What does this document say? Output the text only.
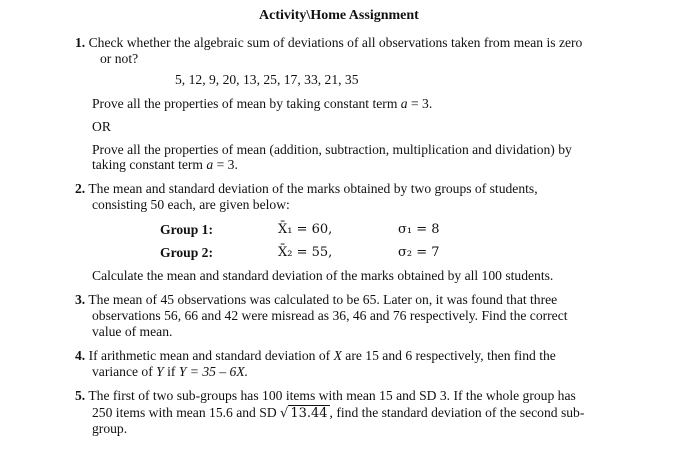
Activity\Home Assignment
1. Check whether the algebraic sum of deviations of all observations taken from mean is zero
or not?
5, 12, 9, 20, 13, 25, 17, 33, 21, 35
Prove all the properties of mean by taking constant term a = 3.
OR
Prove all the properties of mean (addition, subtraction, multiplication and dividation) by
taking constant term a = 3.
2. The mean and standard deviation of the marks obtained by two groups of students,
consisting 50 each, are given below:
Group 1:	X̄₁ = 60,	σ₁ = 8
Group 2:	X̄₂ = 55,	σ₂ = 7
Calculate the mean and standard deviation of the marks obtained by all 100 students.
3. The mean of 45 observations was calculated to be 65. Later on, it was found that three
observations 56, 66 and 42 were misread as 36, 46 and 76 respectively. Find the correct
value of mean.
4. If arithmetic mean and standard deviation of X are 15 and 6 respectively, then find the
variance of Y if Y = 35 – 6X.
5. The first of two sub-groups has 100 items with mean 15 and SD 3. If the whole group has
250 items with mean 15.6 and SD √ 13.44 , find the standard deviation of the second sub-
group.
